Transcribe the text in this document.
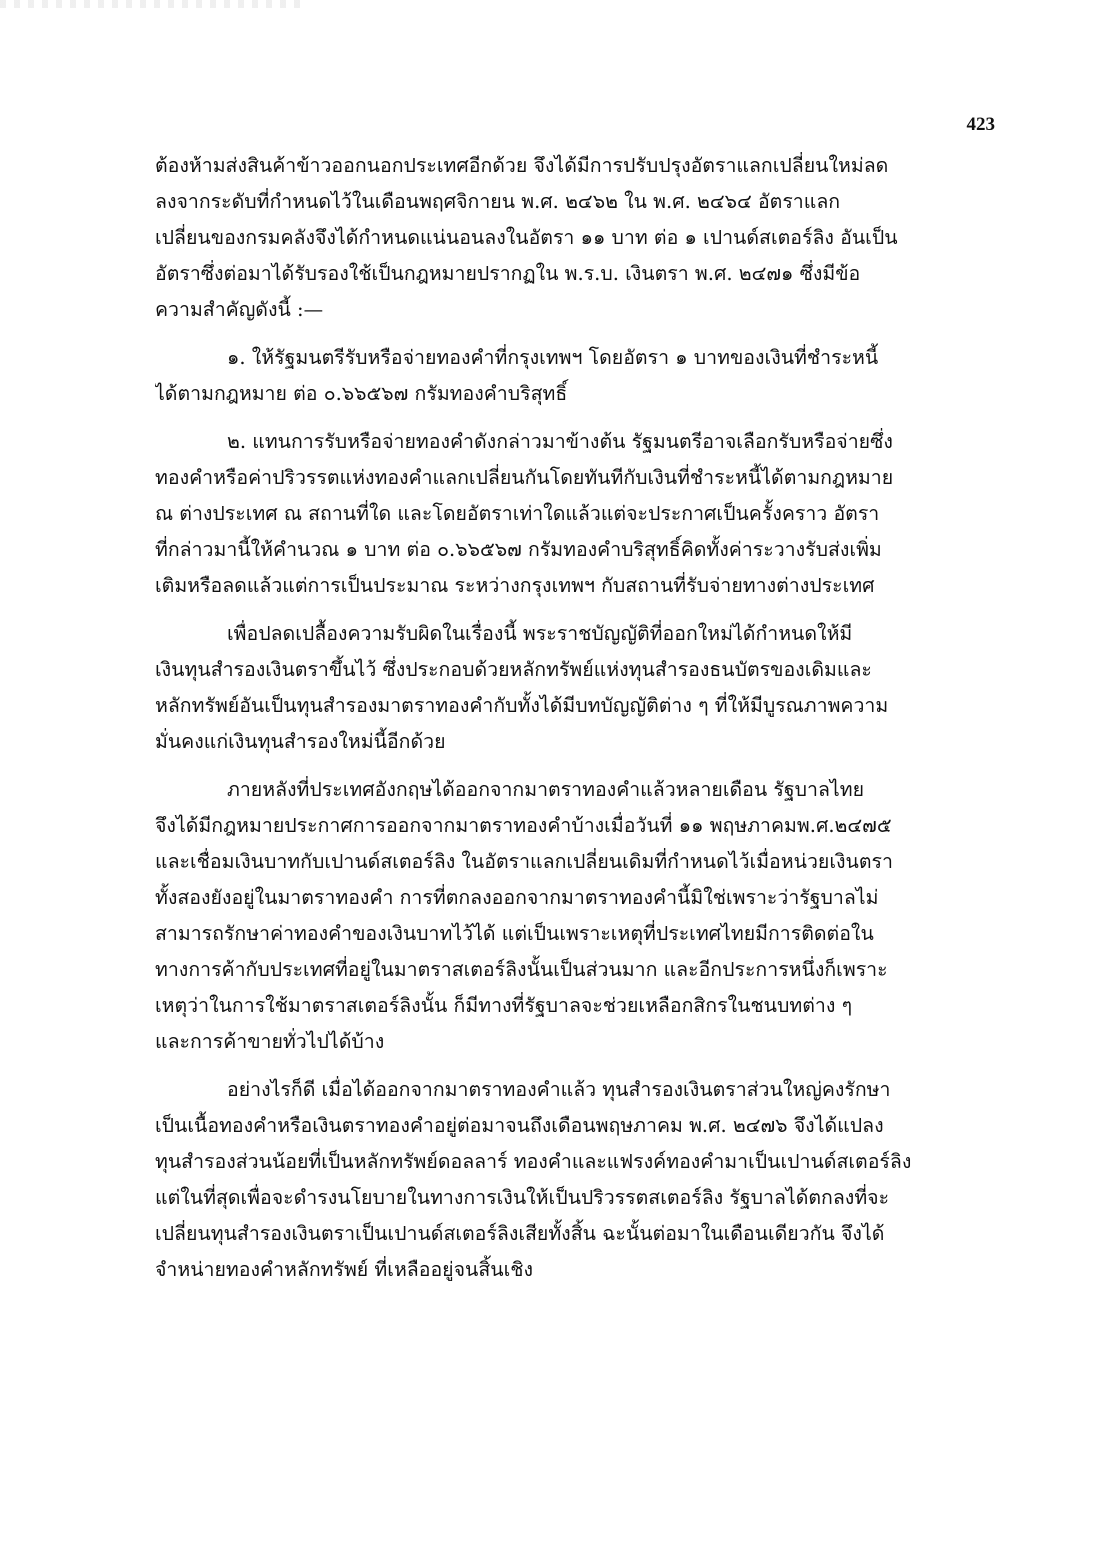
423
ต้องห้ามส่งสินค้าข้าวออกนอกประเทศอีกด้วย จึงได้มีการปรับปรุงอัตราแลกเปลี่ยนใหม่ลด
ลงจากระดับที่กำหนดไว้ในเดือนพฤศจิกายน พ.ศ. ๒๔๖๒ ใน พ.ศ. ๒๔๖๔ อัตราแลก
เปลี่ยนของกรมคลังจึงได้กำหนดแน่นอนลงในอัตรา ๑๑ บาท ต่อ ๑ เปานด์สเตอร์ลิง อันเป็น
อัตราซึ่งต่อมาได้รับรองใช้เป็นกฎหมายปรากฏใน พ.ร.บ. เงินตรา พ.ศ. ๒๔๗๑ ซึ่งมีข้อ
ความสำคัญดังนี้ :—
๑. ให้รัฐมนตรีรับหรือจ่ายทองคำที่กรุงเทพฯ โดยอัตรา ๑ บาทของเงินที่ชำระหนี้
ได้ตามกฎหมาย ต่อ ๐.๖๖๕๖๗ กรัมทองคำบริสุทธิ์
๒. แทนการรับหรือจ่ายทองคำดังกล่าวมาข้างต้น รัฐมนตรีอาจเลือกรับหรือจ่ายซึ่ง
ทองคำหรือค่าปริวรรตแห่งทองคำแลกเปลี่ยนกันโดยทันทีกับเงินที่ชำระหนี้ได้ตามกฎหมาย
ณ ต่างประเทศ ณ สถานที่ใด และโดยอัตราเท่าใดแล้วแต่จะประกาศเป็นครั้งคราว อัตรา
ที่กล่าวมานี้ให้คำนวณ ๑ บาท ต่อ ๐.๖๖๕๖๗ กรัมทองคำบริสุทธิ์คิดทั้งค่าระวางรับส่งเพิ่ม
เติมหรือลดแล้วแต่การเป็นประมาณ ระหว่างกรุงเทพฯ กับสถานที่รับจ่ายทางต่างประเทศ
เพื่อปลดเปลื้องความรับผิดในเรื่องนี้ พระราชบัญญัติที่ออกใหม่ได้กำหนดให้มี
เงินทุนสำรองเงินตราขึ้นไว้ ซึ่งประกอบด้วยหลักทรัพย์แห่งทุนสำรองธนบัตรของเดิมและ
หลักทรัพย์อันเป็นทุนสำรองมาตราทองคำกับทั้งได้มีบทบัญญัติต่าง ๆ ที่ให้มีบูรณภาพความ
มั่นคงแก่เงินทุนสำรองใหม่นี้อีกด้วย
ภายหลังที่ประเทศอังกฤษได้ออกจากมาตราทองคำแล้วหลายเดือน รัฐบาลไทย
จึงได้มีกฎหมายประกาศการออกจากมาตราทองคำบ้างเมื่อวันที่ ๑๑ พฤษภาคมพ.ศ.๒๔๗๕
และเชื่อมเงินบาทกับเปานด์สเตอร์ลิง ในอัตราแลกเปลี่ยนเดิมที่กำหนดไว้เมื่อหน่วยเงินตรา
ทั้งสองยังอยู่ในมาตราทองคำ การที่ตกลงออกจากมาตราทองคำนี้มิใช่เพราะว่ารัฐบาลไม่
สามารถรักษาค่าทองคำของเงินบาทไว้ได้ แต่เป็นเพราะเหตุที่ประเทศไทยมีการติดต่อใน
ทางการค้ากับประเทศที่อยู่ในมาตราสเตอร์ลิงนั้นเป็นส่วนมาก และอีกประการหนึ่งก็เพราะ
เหตุว่าในการใช้มาตราสเตอร์ลิงนั้น ก็มีทางที่รัฐบาลจะช่วยเหลือกสิกรในชนบทต่าง ๆ
และการค้าขายทั่วไปได้บ้าง
อย่างไรก็ดี เมื่อได้ออกจากมาตราทองคำแล้ว ทุนสำรองเงินตราส่วนใหญ่คงรักษา
เป็นเนื้อทองคำหรือเงินตราทองคำอยู่ต่อมาจนถึงเดือนพฤษภาคม พ.ศ. ๒๔๗๖ จึงได้แปลง
ทุนสำรองส่วนน้อยที่เป็นหลักทรัพย์ดอลลาร์ ทองคำและแฟรงค์ทองคำมาเป็นเปานด์สเตอร์ลิง
แต่ในที่สุดเพื่อจะดำรงนโยบายในทางการเงินให้เป็นปริวรรตสเตอร์ลิง รัฐบาลได้ตกลงที่จะ
เปลี่ยนทุนสำรองเงินตราเป็นเปานด์สเตอร์ลิงเสียทั้งสิ้น ฉะนั้นต่อมาในเดือนเดียวกัน จึงได้
จำหน่ายทองคำหลักทรัพย์ ที่เหลืออยู่จนสิ้นเชิง
